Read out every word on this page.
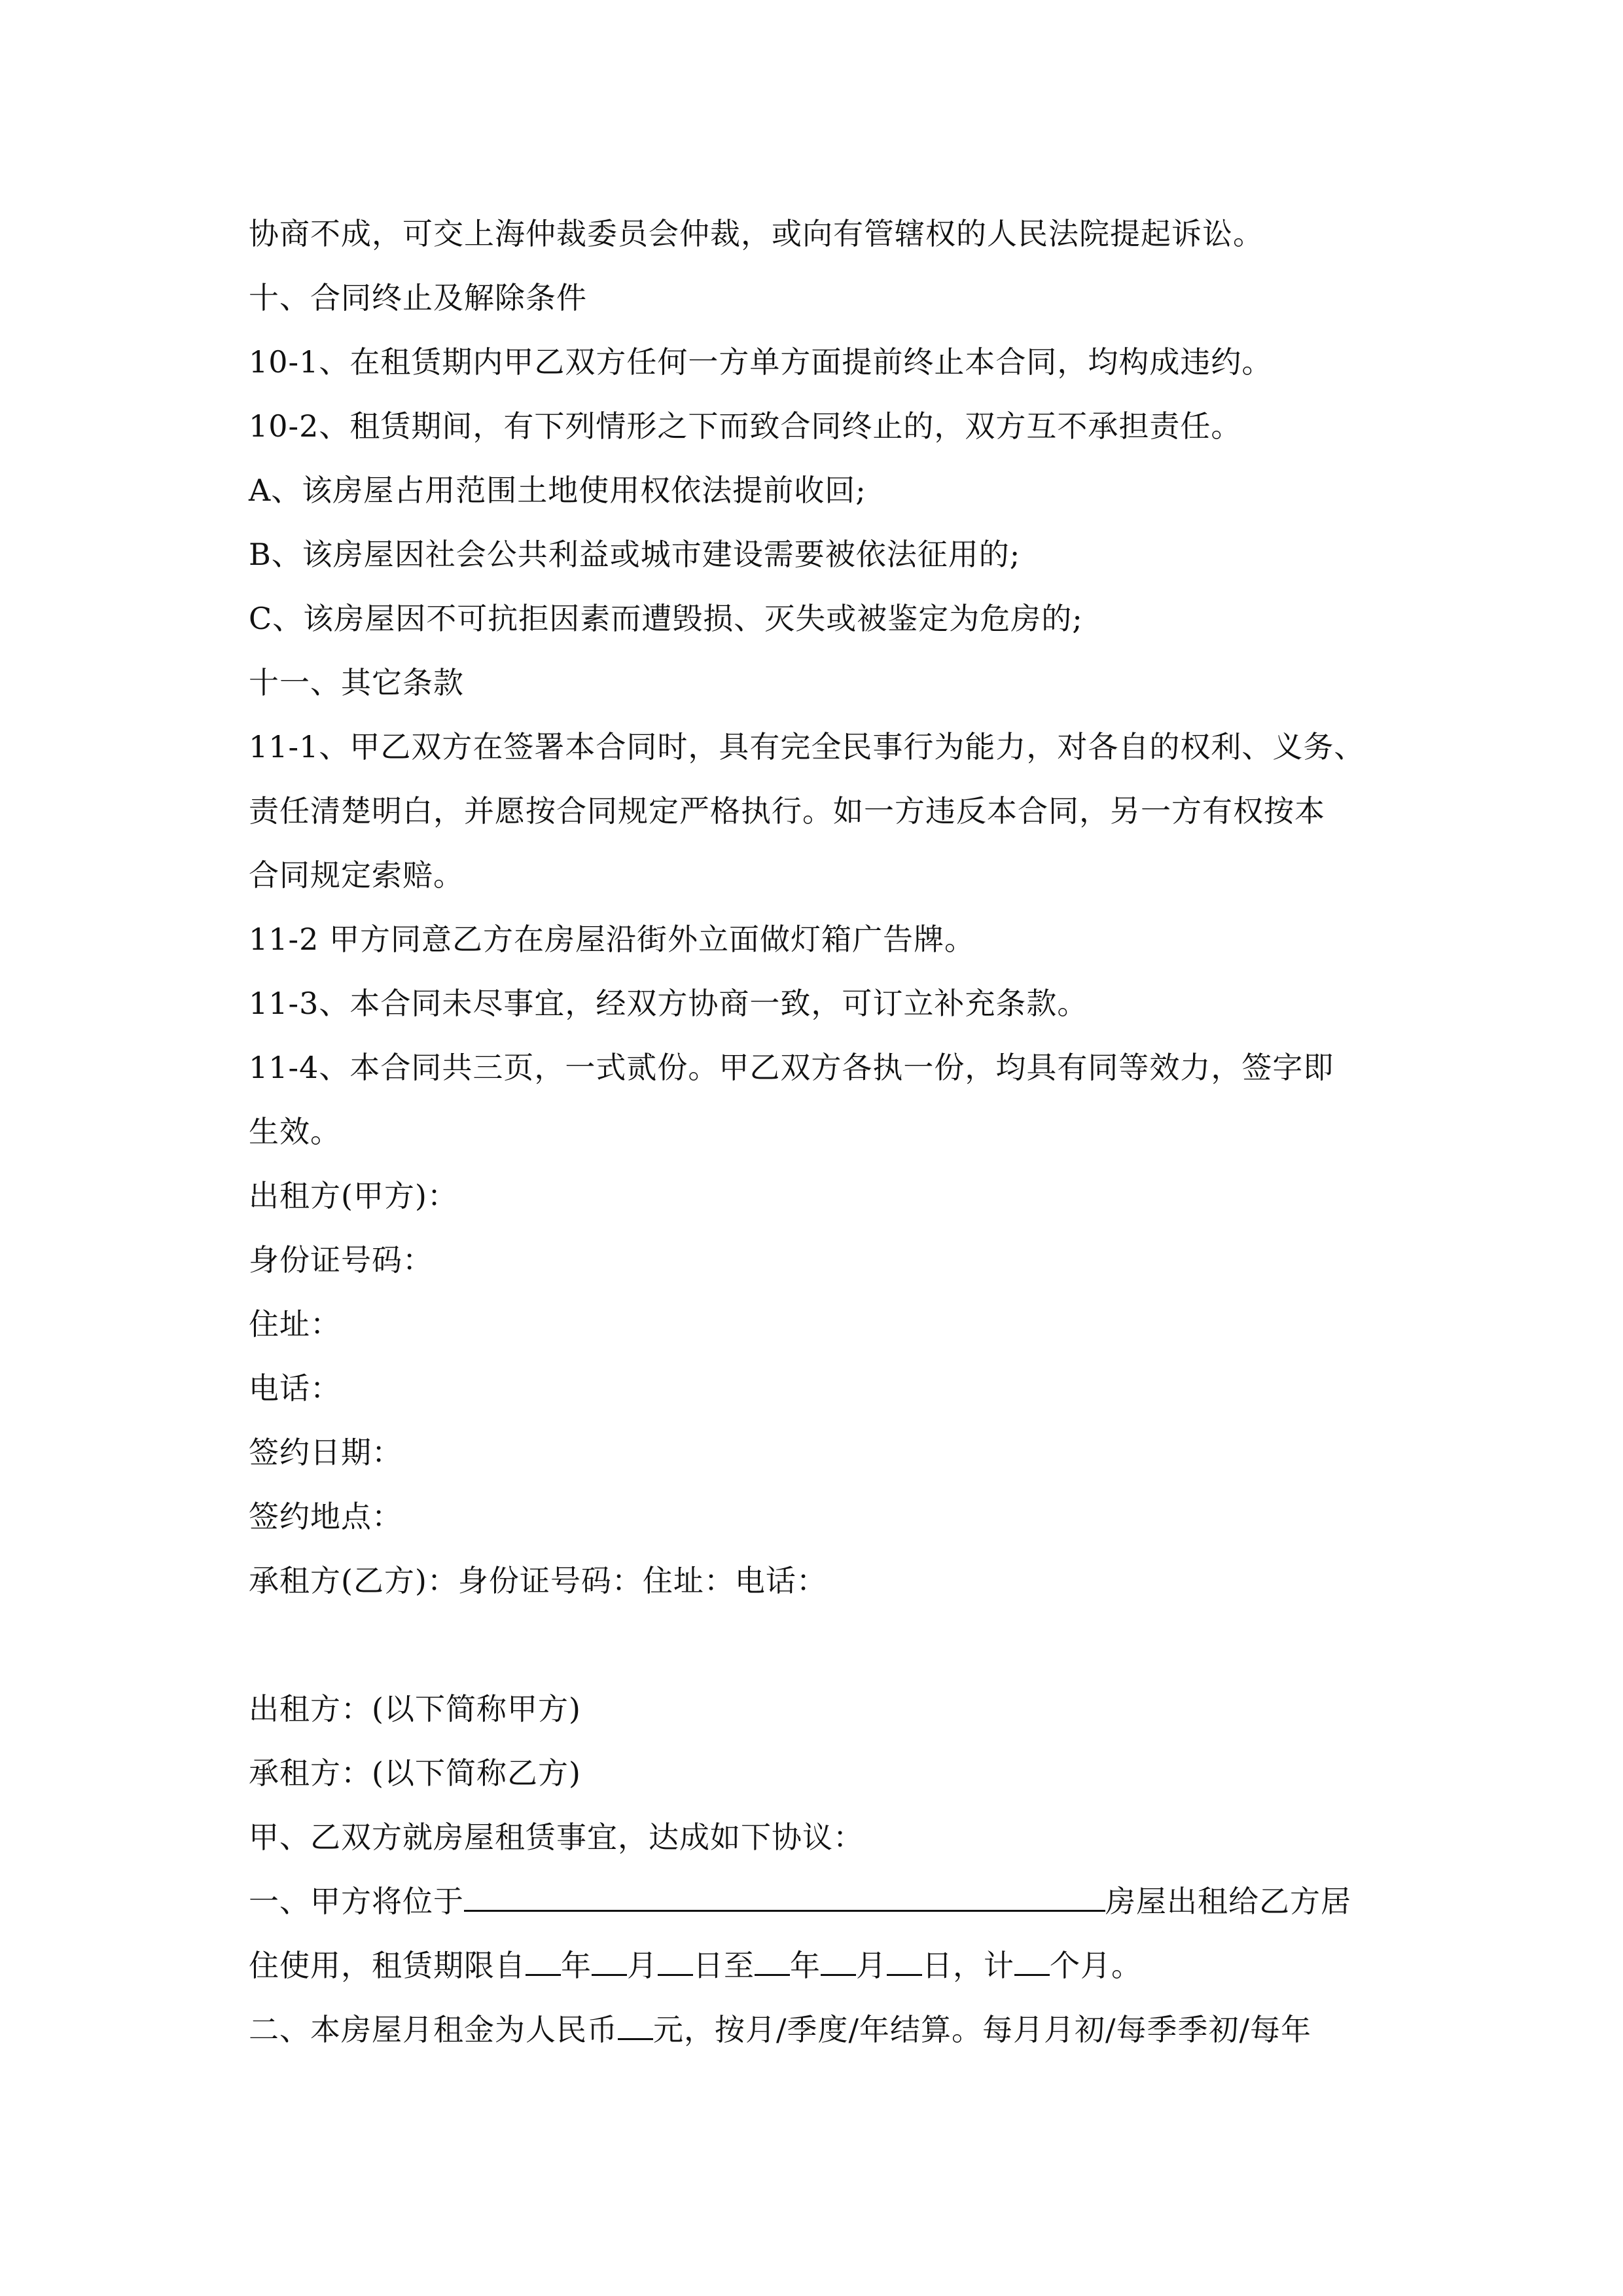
协商不成，可交上海仲裁委员会仲裁，或向有管辖权的人民法院提起诉讼。
十、合同终止及解除条件
10-1、在租赁期内甲乙双方任何一方单方面提前终止本合同，均构成违约。
10-2、租赁期间，有下列情形之下而致合同终止的，双方互不承担责任。
A、该房屋占用范围土地使用权依法提前收回;
B、该房屋因社会公共利益或城市建设需要被依法征用的;
C、该房屋因不可抗拒因素而遭毁损、灭失或被鉴定为危房的;
十一、其它条款
11-1、甲乙双方在签署本合同时，具有完全民事行为能力，对各自的权利、义务、
责任清楚明白，并愿按合同规定严格执行。如一方违反本合同，另一方有权按本
合同规定索赔。
11-2 甲方同意乙方在房屋沿街外立面做灯箱广告牌。
11-3、本合同未尽事宜，经双方协商一致，可订立补充条款。
11-4、本合同共三页，一式贰份。甲乙双方各执一份，均具有同等效力，签字即
生效。
出租方(甲方)：
身份证号码：
住址：
电话：
签约日期：
签约地点：
承租方(乙方)：身份证号码：住址：电话：
出租方：(以下简称甲方)
承租方：(以下简称乙方)
甲、乙双方就房屋租赁事宜，达成如下协议：
一、甲方将位于	房屋出租给乙方居
住使用，租赁期限自 年 月 日至 年 月 日，计 个月。
二、本房屋月租金为人民币 元，按月/季度/年结算。每月月初/每季季初/每年
